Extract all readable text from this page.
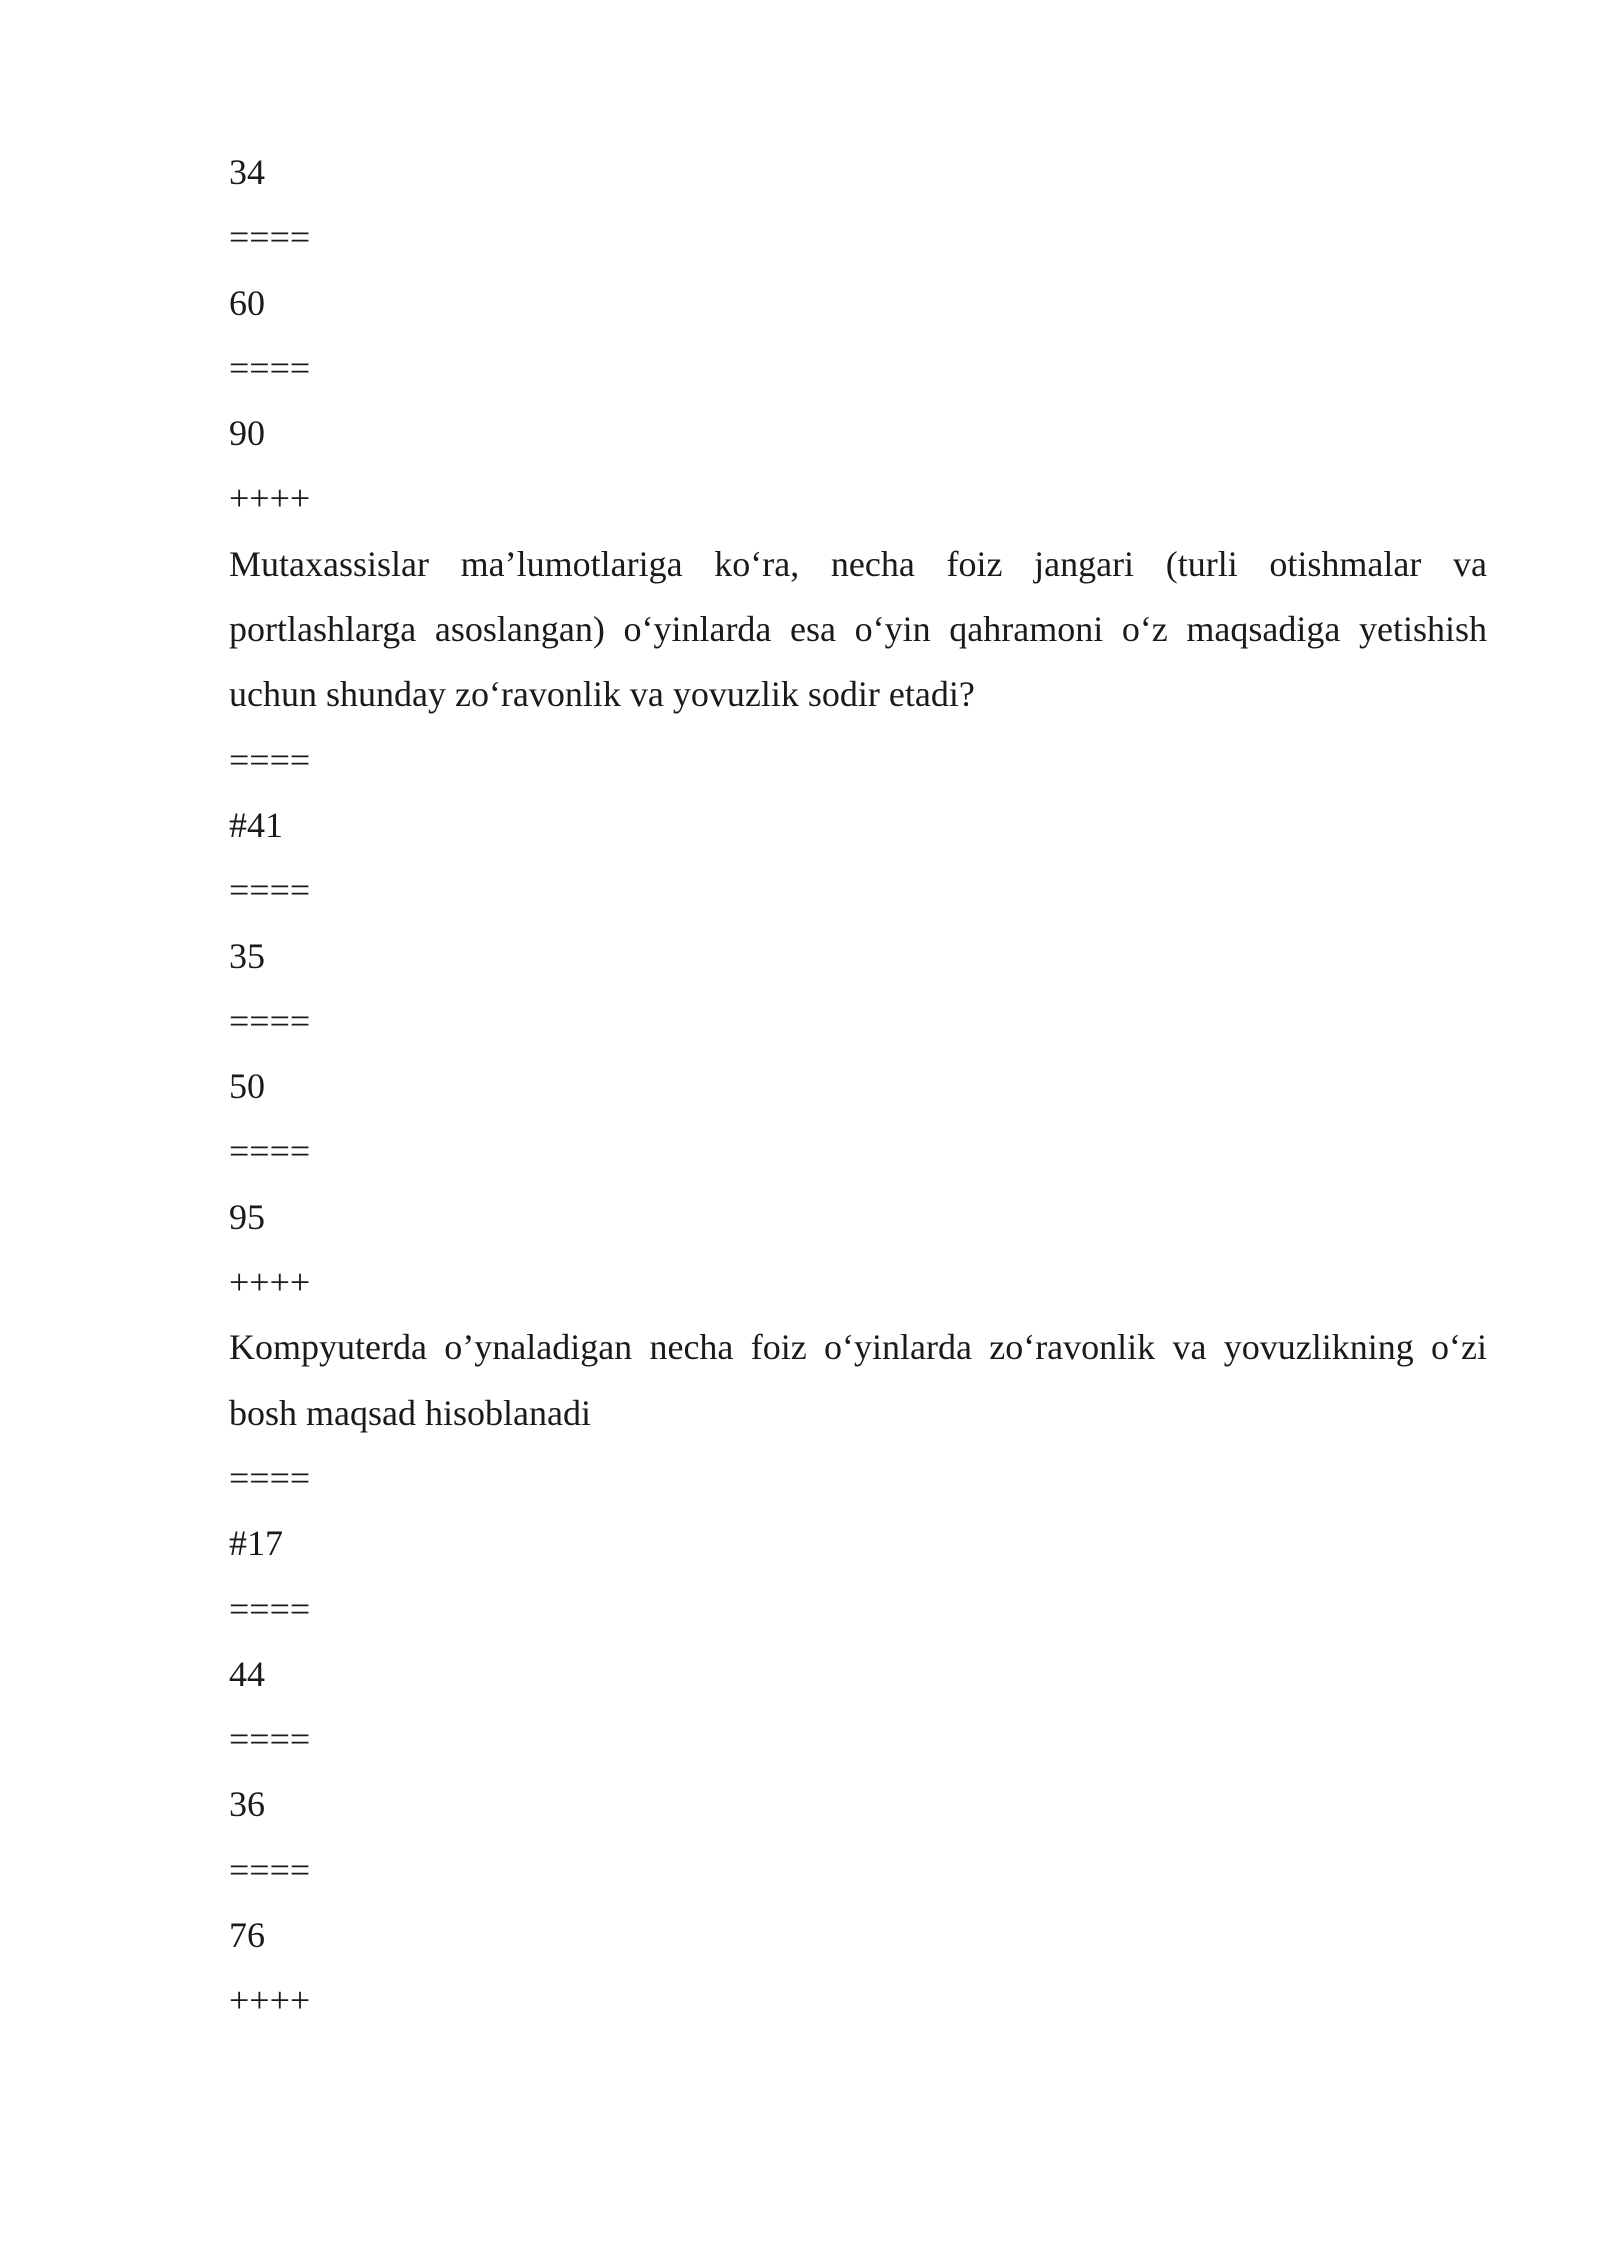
34

====

60

====

90

++++

Mutaxassislar ma’lumotlariga ko‘ra, necha foiz jangari (turli otishmalar va portlashlarga asoslangan) o‘yinlarda esa o‘yin qahramoni o‘z maqsadiga yetishish uchun shunday zo‘ravonlik va yovuzlik sodir etadi?

====

#41

====

35

====

50

====

95

++++

Kompyuterda o’ynaladigan necha foiz o‘yinlarda zo‘ravonlik va yovuzlikning o‘zi bosh maqsad hisoblanadi

====

#17

====

44

====

36

====

76

++++
